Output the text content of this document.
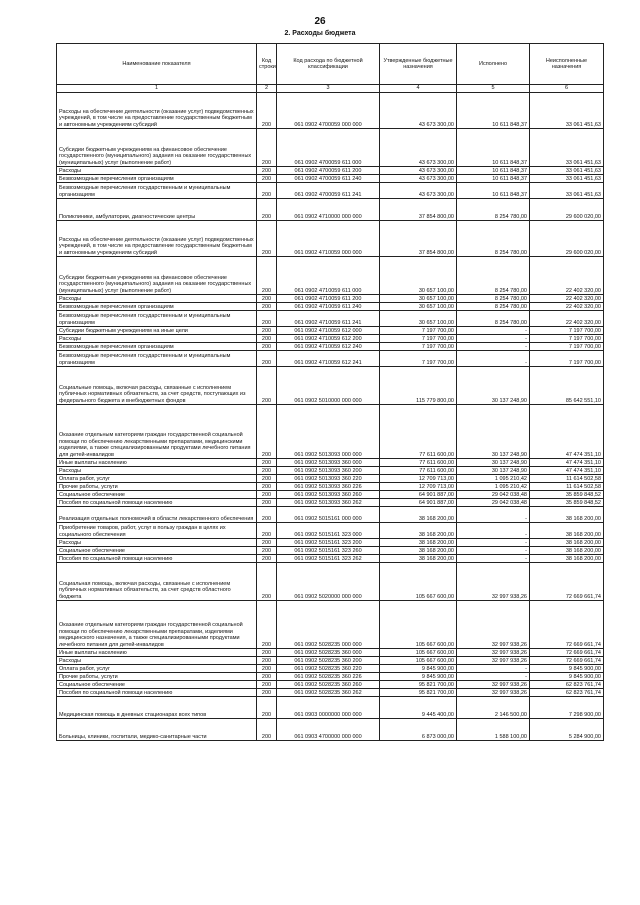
26
2. Расходы бюджета
Наименование показателя	Код строки	Код расхода по бюджетной классификации	Утвержденные бюджетные назначения	Исполнено	Неисполненные назначения
1	2	3	4	5	6
Расходы на обеспечение деятельности (оказание услуг) подведомственных учреждений, в том числе на предоставление государственным бюджетным и автономным учреждениям субсидий	200	061 0902 4700059 000 000	43 673 300,00	10 611 848,37	33 061 451,63
Субсидии бюджетным учреждениям на финансовое обеспечение государственного (муниципального) задания на оказание государственных (муниципальных) услуг (выполнение работ)	200	061 0902 4700059 611 000	43 673 300,00	10 611 848,37	33 061 451,63
Расходы	200	061 0902 4700059 611 200	43 673 300,00	10 611 848,37	33 061 451,63
Безвозмездные перечисления организациям	200	061 0902 4700059 611 240	43 673 300,00	10 611 848,37	33 061 451,63
Безвозмездные перечисления государственным и муниципальным организациям	200	061 0902 4700059 611 241	43 673 300,00	10 611 848,37	33 061 451,63
Поликлиники, амбулатории, диагностические центры	200	061 0902 4710000 000 000	37 854 800,00	8 254 780,00	29 600 020,00
Расходы на обеспечение деятельности (оказание услуг) подведомственных учреждений, в том числе на предоставление государственным бюджетным и автономным учреждениям субсидий	200	061 0902 4710059 000 000	37 854 800,00	8 254 780,00	29 600 020,00
Субсидии бюджетным учреждениям на финансовое обеспечение государственного (муниципального) задания на оказание государственных (муниципальных) услуг (выполнение работ)	200	061 0902 4710059 611 000	30 657 100,00	8 254 780,00	22 402 320,00
Расходы	200	061 0902 4710059 611 200	30 657 100,00	8 254 780,00	22 402 320,00
Безвозмездные перечисления организациям	200	061 0902 4710059 611 240	30 657 100,00	8 254 780,00	22 402 320,00
Безвозмездные перечисления государственным и муниципальным организациям	200	061 0902 4710059 611 241	30 657 100,00	8 254 780,00	22 402 320,00
Субсидии бюджетным учреждениям на иные цели	200	061 0902 4710059 612 000	7 197 700,00	-	7 197 700,00
Расходы	200	061 0902 4710059 612 200	7 197 700,00	-	7 197 700,00
Безвозмездные перечисления организациям	200	061 0902 4710059 612 240	7 197 700,00	-	7 197 700,00
Безвозмездные перечисления государственным и муниципальным организациям	200	061 0902 4710059 612 241	7 197 700,00	-	7 197 700,00
Социальные помощь, включая расходы, связанные с исполнением публичных нормативных обязательств, за счет средств, поступающих из федерального бюджета и внебюджетных фондов	200	061 0902 5010000 000 000	115 779 800,00	30 137 248,90	85 642 551,10
Оказание отдельным категориям граждан государственной социальной помощи по обеспечению лекарственными препаратами, медицинскими изделиями, а также специализированными продуктами лечебного питания для детей-инвалидов	200	061 0902 5013093 000 000	77 611 600,00	30 137 248,90	47 474 351,10
Иные выплаты населению	200	061 0902 5013093 360 000	77 611 600,00	30 137 248,90	47 474 351,10
Расходы	200	061 0902 5013093 360 200	77 611 600,00	30 137 248,90	47 474 351,10
Оплата работ, услуг	200	061 0902 5013093 360 220	12 709 713,00	1 095 210,42	11 614 502,58
Прочие работы, услуги	200	061 0902 5013093 360 226	12 709 713,00	1 095 210,42	11 614 502,58
Социальное обеспечение	200	061 0902 5013093 360 260	64 901 887,00	29 042 038,48	35 859 848,52
Пособия по социальной помощи населению	200	061 0902 5013093 360 262	64 901 887,00	29 042 038,48	35 859 848,52
Реализация отдельных полномочий в области лекарственного обеспечения	200	061 0902 5015161 000 000	38 168 200,00	-	38 168 200,00
Приобретение товаров, работ, услуг в пользу граждан в целях их социального обеспечения	200	061 0902 5015161 323 000	38 168 200,00	-	38 168 200,00
Расходы	200	061 0902 5015161 323 200	38 168 200,00	-	38 168 200,00
Социальное обеспечение	200	061 0902 5015161 323 260	38 168 200,00	-	38 168 200,00
Пособия по социальной помощи населению	200	061 0902 5015161 323 262	38 168 200,00	-	38 168 200,00
Социальная помощь, включая расходы, связанные с исполнением публичных нормативных обязательств, за счет средств областного бюджета	200	061 0902 5020000 000 000	105 667 600,00	32 997 938,26	72 669 661,74
Оказание отдельным категориям граждан государственной социальной помощи по обеспечению лекарственными препаратами, изделиями медицинского назначения, а также специализированными продуктами лечебного питания для детей-инвалидов	200	061 0902 5028235 000 000	105 667 600,00	32 997 938,26	72 669 661,74
Иные выплаты населению	200	061 0902 5028235 360 000	105 667 600,00	32 997 938,26	72 669 661,74
Расходы	200	061 0902 5028235 360 200	105 667 600,00	32 997 938,26	72 669 661,74
Оплата работ, услуг	200	061 0902 5028235 360 220	9 845 900,00	-	9 845 900,00
Прочие работы, услуги	200	061 0902 5028235 360 226	9 845 900,00	-	9 845 900,00
Социальное обеспечение	200	061 0902 5028235 360 260	95 821 700,00	32 997 938,26	62 823 761,74
Пособия по социальной помощи населению	200	061 0902 5028235 360 262	95 821 700,00	32 997 938,26	62 823 761,74
Медицинская помощь в дневных стационарах всех типов	200	061 0903 0000000 000 000	9 445 400,00	2 146 500,00	7 298 900,00
Больницы, клиники, госпитали, медико-санитарные части	200	061 0903 4700000 000 000	6 873 000,00	1 588 100,00	5 284 900,00
